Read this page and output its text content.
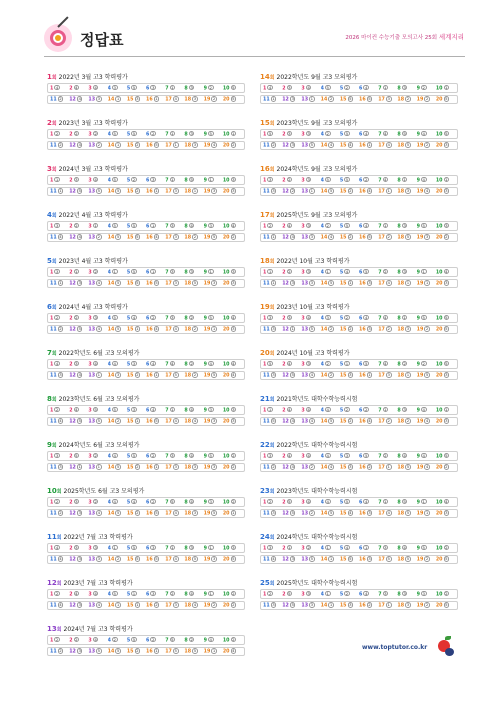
정답표	2026 마이컨 수능기출 모의고사 25회 세계지리
1회 2022년 3월 고3 학력평가
1 4	2 4	3 4	4 3	5 5	6 3	7 1	8 3	9 2	10 5
11 2	12 4	13 3	14 1	15 3	16 1	17 4	18 3	19 2	20 5
2회 2023년 3월 고3 학력평가
1 2	2 2	3 2	4 5	5 5	6 2	7 1	8 3	9 5	10 1
11 2	12 4	13 2	14 1	15 2	16 5	17 1	18 3	19 4	20 2
3회 2024년 3월 고3 학력평가
1 1	2 3	3 4	4 5	5 2	6 3	7 1	8 5	9 1	10 3
11 1	12 5	13 5	14 5	15 2	16 1	17 3	18 1	19 3	20 3
4회 2022년 4월 고3 학력평가
1 3	2 2	3 1	4 5	5 5	6 1	7 3	8 4	9 3	10 4
11 4	12 4	13 2	14 5	15 5	16 4	17 3	18 2	19 5	20 2
5회 2023년 4월 고3 학력평가
1 3	2 1	3 2	4 1	5 5	6 1	7 3	8 3	9 1	10 3
11 1	12 3	13 4	14 5	15 5	16 5	17 3	18 5	19 3	20 3
6회 2024년 4월 고3 학력평가
1 2	2 2	3 3	4 5	5 4	6 2	7 3	8 2	9 5	10 4
11 2	12 5	13 4	14 5	15 1	16 4	17 4	18 2	19 1	20 3
7회 2022학년도 6월 고3 모의평가
1 4	2 3	3 4	4 4	5 3	6 4	7 4	8 2	9 4	10 4
11 3	12 4	13 1	14 3	15 2	16 1	17 5	18 2	19 5	20 4
8회 2023학년도 6월 고3 모의평가
1 2	2 4	3 5	4 5	5 3	6 4	7 1	8 4	9 3	10 3
11 4	12 5	13 5	14 2	15 1	16 5	17 4	18 4	19 3	20 3
9회 2024학년도 6월 고3 모의평가
1 3	2 5	3 2	4 4	5 5	6 2	7 3	8 4	9 5	10 2
11 3	12 1	13 1	14 5	15 2	16 1	17 3	18 3	19 3	20 2
10회 2025학년도 6월 고3 모의평가
1 2	2 3	3 2	4 4	5 4	6 2	7 5	8 4	9 3	10 2
11 2	12 3	13 4	14 5	15 2	16 5	17 4	18 3	19 5	20 1
11회 2022년 7월 고3 학력평가
1 4	2 3	3 3	4 1	5 5	6 3	7 1	8 3	9 1	10 3
11 4	12 3	13 3	14 2	15 5	16 5	17 4	18 5	19 3	20 5
12회 2023년 7월 고3 학력평가
1 2	2 4	3 4	4 5	5 1	6 3	7 2	8 4	9 1	10 2
11 4	12 3	13 4	14 1	15 1	16 2	17 3	18 4	19 2	20 2
13회 2024년 7월 고3 학력평가
1 2	2 2	3 4	4 2	5 5	6 2	7 5	8 2	9 4	10 2
11 2	12 3	13 5	14 5	15 2	16 1	17 5	18 5	19 1	20 4
14회 2022학년도 9월 고3 모의평가
1 4	2 3	3 4	4 5	5 2	6 4	7 1	8 3	9 2	10 1
11 1	12 3	13 1	14 2	15 5	16 5	17 3	18 2	19 2	20 5
15회 2023학년도 9월 고3 모의평가
1 5	2 3	3 3	4 2	5 5	6 4	7 4	8 5	9 4	10 5
11 2	12 3	13 5	14 4	15 4	16 1	17 4	18 5	19 2	20 3
16회 2024학년도 9월 고3 모의평가
1 3	2 2	3 3	4 5	5 5	6 2	7 4	8 1	9 4	10 1
11 3	12 2	13 1	14 5	15 2	16 4	17 1	18 3	19 4	20 3
17회 2025학년도 9월 고3 모의평가
1 2	2 4	3 3	4 2	5 5	6 4	7 1	8 3	9 5	10 3
11 1	12 4	13 3	14 4	15 2	16 5	17 2	18 5	19 3	20 2
18회 2022년 10월 고3 학력평가
1 1	2 2	3 3	4 1	5 4	6 5	7 2	8 3	9 1	10 4
11 1	12 3	13 3	14 5	15 1	16 3	17 4	18 1	19 1	20 3
19회 2023년 10월 고3 학력평가
1 3	2 3	3 4	4 3	5 2	6 4	7 4	8 1	9 5	10 5
11 3	12 1	13 5	14 2	15 2	16 3	17 2	18 3	19 2	20 5
20회 2024년 10월 고3 학력평가
1 5	2 4	3 3	4 2	5 1	6 5	7 4	8 2	9 2	10 5
11 3	12 5	13 4	14 2	15 3	16 1	17 3	18 1	19 5	20 3
21회 2021학년도 대학수학능력시험
1 1	2 4	3 4	4 4	5 2	6 2	7 1	8 3	9 4	10 1
11 5	12 4	13 4	14 5	15 2	16 4	17 2	18 2	19 4	20 3
22회 2022학년도 대학수학능력시험
1 3	2 4	3 4	4 4	5 3	6 5	7 2	8 4	9 4	10 5
11 2	12 4	13 2	14 4	15 3	16 2	17 1	18 5	19 4	20 2
23회 2023학년도 대학수학능력시험
1 2	2 5	3 4	4 4	5 5	6 4	7 1	8 5	9 1	10 4
11 3	12 5	13 2	14 5	15 4	16 3	17 4	18 5	19 1	20 3
24회 2024학년도 대학수학능력시험
1 3	2 1	3 2	4 1	5 4	6 1	7 3	8 4	9 5	10 2
11 4	12 3	13 5	14 1	15 5	16 3	17 5	18 5	19 2	20 5
25회 2025학년도 대학수학능력시험
1 2	2 5	3 3	4 1	5 2	6 4	7 3	8 3	9 3	10 2
11 3	12 5	13 3	14 1	15 3	16 2	17 1	18 3	19 2	20 5
www.toptutor.co.kr
